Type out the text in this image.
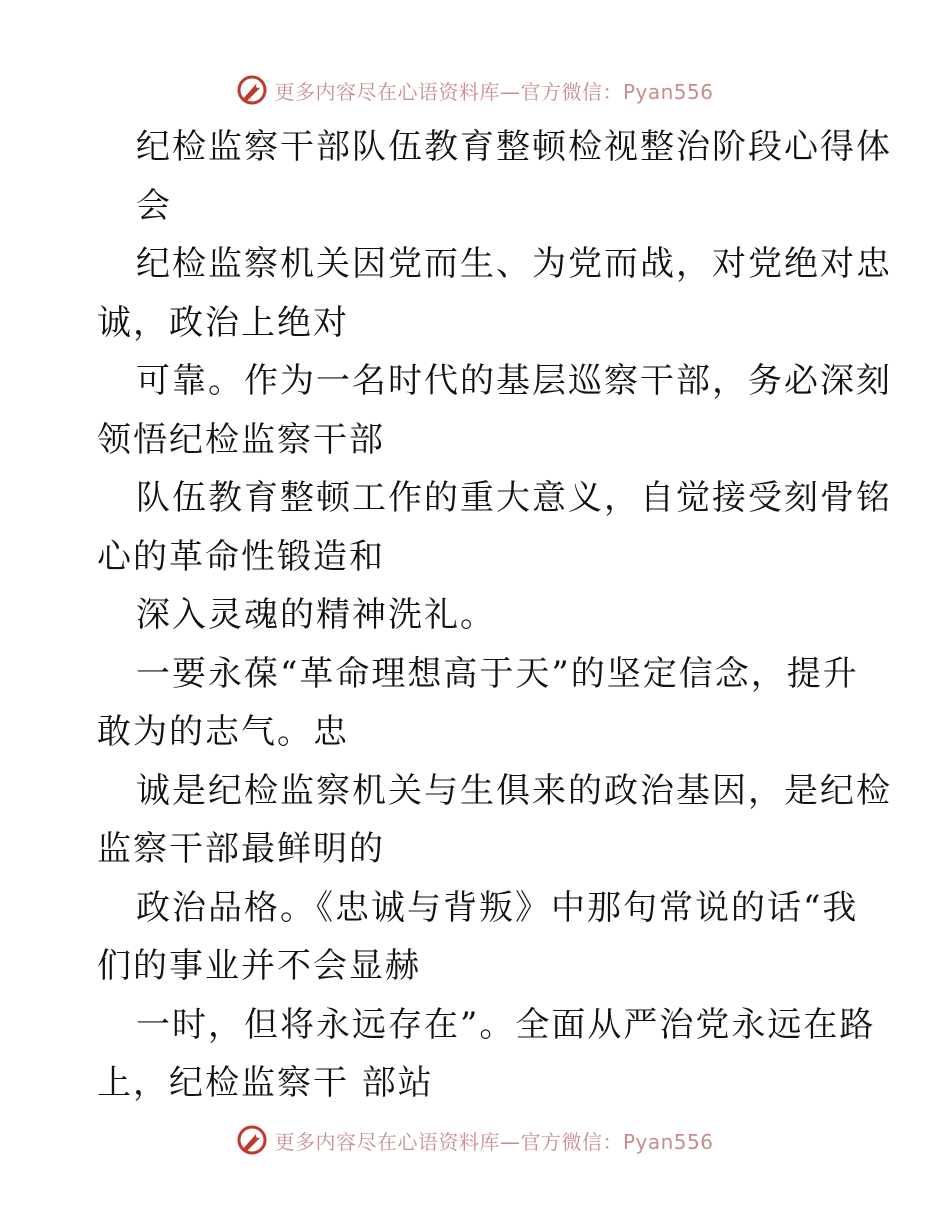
更多内容尽在心语资料库—官方微信：Pyan556
纪检监察干部队伍教育整顿检视整治阶段心得体
会
纪检监察机关因党而生、为党而战，对党绝对忠
诚，政治上绝对
可靠。作为一名时代的基层巡察干部，务必深刻
领悟纪检监察干部
队伍教育整顿工作的重大意义，自觉接受刻骨铭
心的革命性锻造和
深入灵魂的精神洗礼。
一要永葆“革命理想高于天”的坚定信念，提升
敢为的志气。忠
诚是纪检监察机关与生俱来的政治基因，是纪检
监察干部最鲜明的
政治品格。《忠诚与背叛》中那句常说的话“我
们的事业并不会显赫
一时，但将永远存在”。全面从严治党永远在路
上，纪检监察干 部站
更多内容尽在心语资料库—官方微信：Pyan556
